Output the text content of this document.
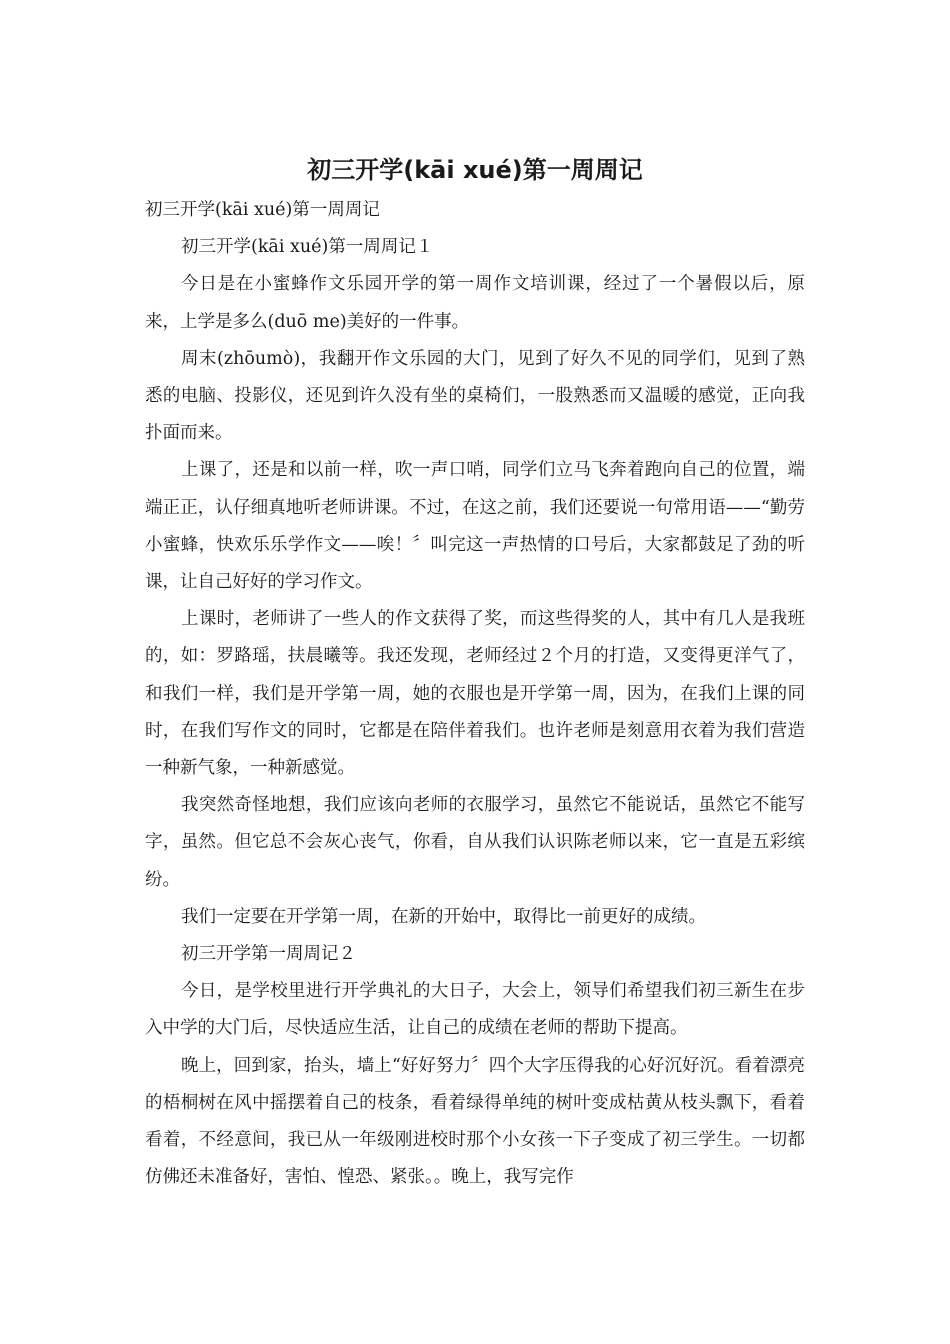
初三开学(kāi xué)第一周周记

初三开学(kāi xué)第一周周记

初三开学(kāi xué)第一周周记１

今日是在小蜜蜂作文乐园开学的第一周作文培训课，经过了一个暑假以后，原来，上学是多么(duō me)美好的一件事。

周末(zhōumò)，我翻开作文乐园的大门，见到了好久不见的同学们，见到了熟悉的电脑、投影仪，还见到许久没有坐的桌椅们，一股熟悉而又温暖的感觉，正向我扑面而来。

上课了，还是和以前一样，吹一声口哨，同学们立马飞奔着跑向自己的位置，端端正正，认仔细真地听老师讲课。不过，在这之前，我们还要说一句常用语——“勤劳小蜜蜂，快欢乐乐学作文——唉！〞叫完这一声热情的口号后，大家都鼓足了劲的听课，让自己好好的学习作文。

上课时，老师讲了一些人的作文获得了奖，而这些得奖的人，其中有几人是我班的，如：罗路瑶，扶晨曦等。我还发现，老师经过２个月的打造，又变得更洋气了，和我们一样，我们是开学第一周，她的衣服也是开学第一周，因为，在我们上课的同时，在我们写作文的同时，它都是在陪伴着我们。也许老师是刻意用衣着为我们营造一种新气象，一种新感觉。

我突然奇怪地想，我们应该向老师的衣服学习，虽然它不能说话，虽然它不能写字，虽然。但它总不会灰心丧气，你看，自从我们认识陈老师以来，它一直是五彩缤纷。

我们一定要在开学第一周，在新的开始中，取得比一前更好的成绩。

初三开学第一周周记２

今日，是学校里进行开学典礼的大日子，大会上，领导们希望我们初三新生在步入中学的大门后，尽快适应生活，让自己的成绩在老师的帮助下提高。

晚上，回到家，抬头，墙上“好好努力〞四个大字压得我的心好沉好沉。看着漂亮的梧桐树在风中摇摆着自己的枝条，看着绿得单纯的树叶变成枯黄从枝头飘下，看着看着，不经意间，我已从一年级刚进校时那个小女孩一下子变成了初三学生。一切都仿佛还未准备好，害怕、惶恐、紧张。。晚上，我写完作
